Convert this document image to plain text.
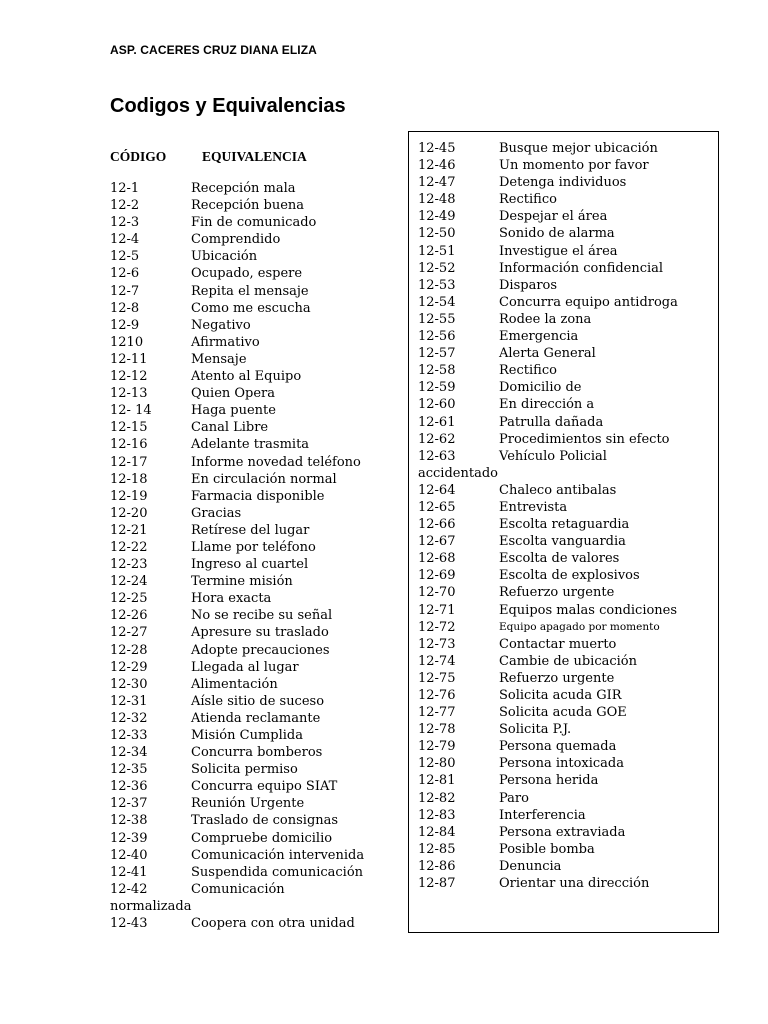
ASP. CACERES CRUZ DIANA ELIZA
Codigos y Equivalencias
CÓDIGO	EQUIVALENCIA
12-1	Recepción mala
12-2	Recepción buena
12-3	Fin de comunicado
12-4	Comprendido
12-5	Ubicación
12-6	Ocupado, espere
12-7	Repita el mensaje
12-8	Como me escucha
12-9	Negativo
1210	Afirmativo
12-11	Mensaje
12-12	Atento al Equipo
12-13	Quien Opera
12- 14	Haga puente
12-15	Canal Libre
12-16	Adelante trasmita
12-17	Informe novedad teléfono
12-18	En circulación normal
12-19	Farmacia disponible
12-20	Gracias
12-21	Retírese del lugar
12-22	Llame por teléfono
12-23	Ingreso al cuartel
12-24	Termine misión
12-25	Hora exacta
12-26	No se recibe su señal
12-27	Apresure su traslado
12-28	Adopte precauciones
12-29	Llegada al lugar
12-30	Alimentación
12-31	Aísle sitio de suceso
12-32	Atienda reclamante
12-33	Misión Cumplida
12-34	Concurra bomberos
12-35	Solicita permiso
12-36	Concurra equipo SIAT
12-37	Reunión Urgente
12-38	Traslado de consignas
12-39	Compruebe domicilio
12-40	Comunicación intervenida
12-41	Suspendida comunicación
12-42	Comunicación
normalizada
12-43	Coopera con otra unidad
12-45	Busque mejor ubicación
12-46	Un momento por favor
12-47	Detenga individuos
12-48	Rectifico
12-49	Despejar el área
12-50	Sonido de alarma
12-51	Investigue el área
12-52	Información confidencial
12-53	Disparos
12-54	Concurra equipo antidroga
12-55	Rodee la zona
12-56	Emergencia
12-57	Alerta General
12-58	Rectifico
12-59	Domicilio de
12-60	En dirección a
12-61	Patrulla dañada
12-62	Procedimientos sin efecto
12-63	Vehículo Policial
accidentado
12-64	Chaleco antibalas
12-65	Entrevista
12-66	Escolta retaguardia
12-67	Escolta vanguardia
12-68	Escolta de valores
12-69	Escolta de explosivos
12-70	Refuerzo urgente
12-71	Equipos malas condiciones
12-72	Equipo apagado por momento
12-73	Contactar muerto
12-74	Cambie de ubicación
12-75	Refuerzo urgente
12-76	Solicita acuda GIR
12-77	Solicita acuda GOE
12-78	Solicita P.J.
12-79	Persona quemada
12-80	Persona intoxicada
12-81	Persona herida
12-82	Paro
12-83	Interferencia
12-84	Persona extraviada
12-85	Posible bomba
12-86	Denuncia
12-87	Orientar una dirección
